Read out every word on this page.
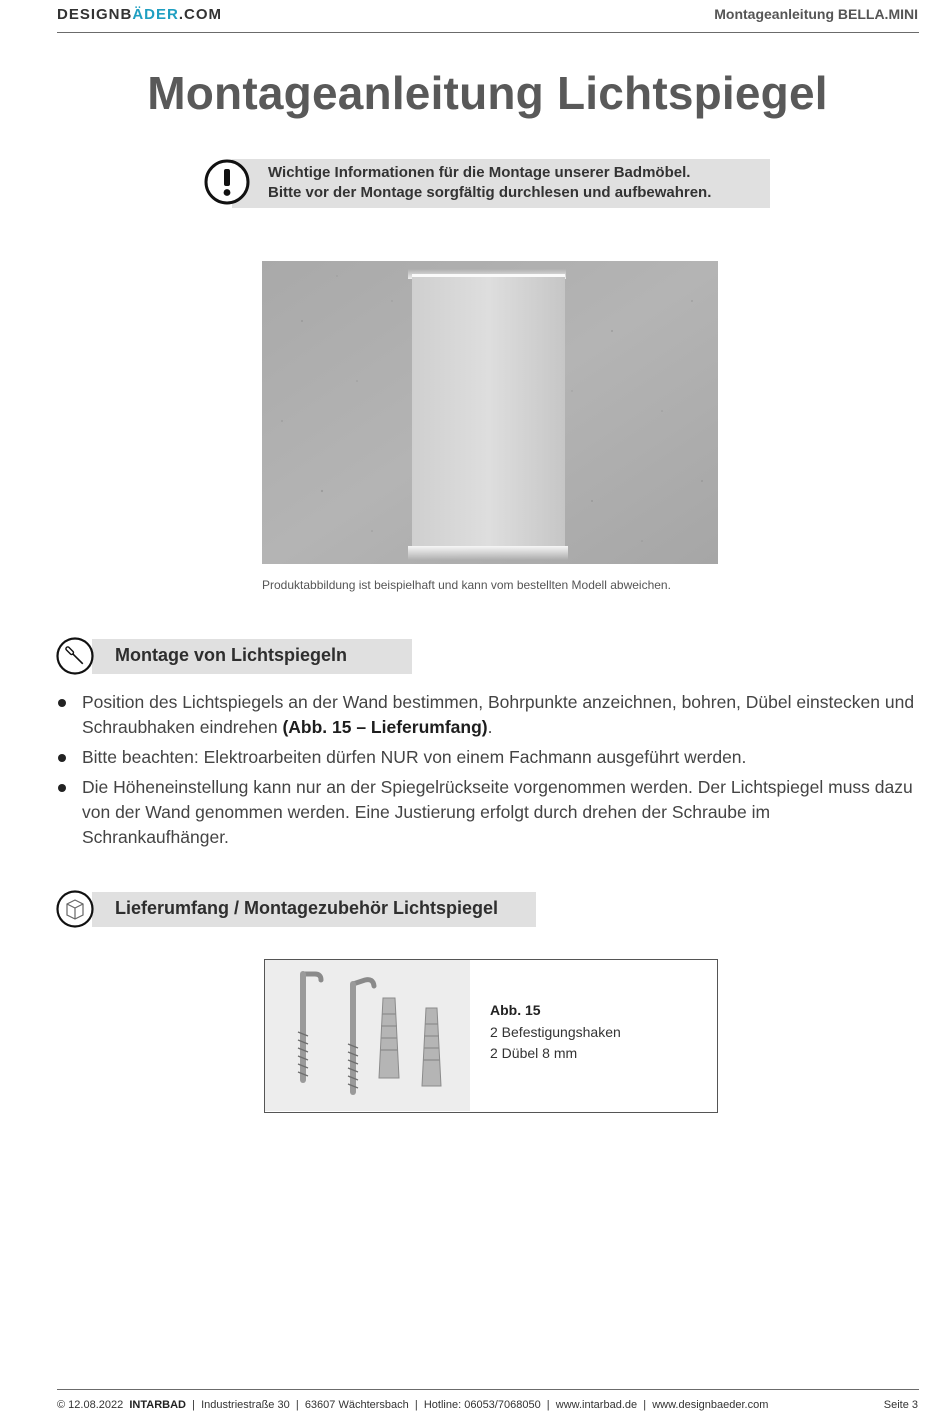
DESIGNBÄDER.COM	Montageanleitung BELLA.MINI
Montageanleitung Lichtspiegel
Wichtige Informationen für die Montage unserer Badmöbel.
Bitte vor der Montage sorgfältig durchlesen und aufbewahren.
Produktabbildung ist beispielhaft und kann vom bestellten Modell abweichen.
Montage von Lichtspiegeln
Position des Lichtspiegels an der Wand bestimmen, Bohrpunkte anzeichnen, bohren, Dübel einstecken und Schraubhaken eindrehen (Abb. 15 – Lieferumfang).
Bitte beachten: Elektroarbeiten dürfen NUR von einem Fachmann ausgeführt werden.
Die Höheneinstellung kann nur an der Spiegelrückseite vorgenommen werden. Der Lichtspiegel muss dazu von der Wand genommen werden. Eine Justierung erfolgt durch drehen der Schraube im Schrankaufhänger.
Lieferumfang / Montagezubehör Lichtspiegel
Abb. 15
2 Befestigungshaken
2 Dübel 8 mm
© 12.08.2022 INTARBAD  |  Industriestraße 30  |  63607 Wächtersbach  |  Hotline: 06053/7068050  |  www.intarbad.de  |  www.designbaeder.com	Seite 3
